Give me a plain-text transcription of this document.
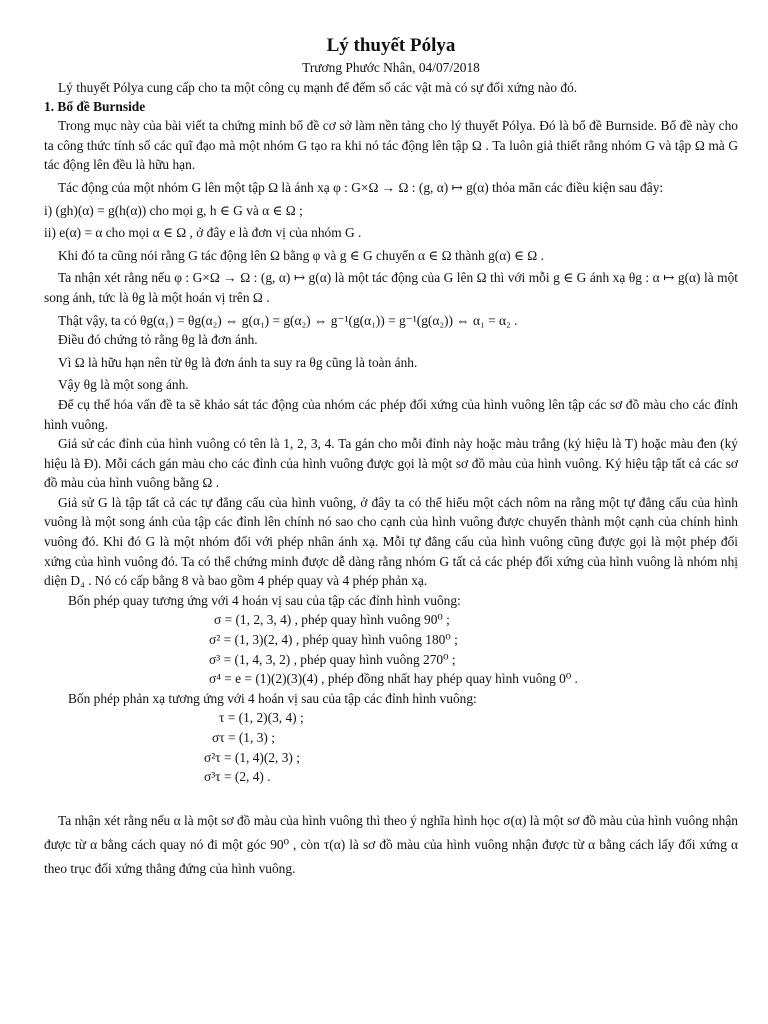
Lý thuyết Pólya

Trương Phước Nhân, 04/07/2018

Lý thuyết Pólya cung cấp cho ta một công cụ mạnh để đếm số các vật mà có sự đối xứng nào đó.

1. Bổ đề Burnside

Trong mục này của bài viết ta chứng minh bổ đề cơ sở làm nền tảng cho lý thuyết Pólya. Đó là bổ đề Burnside. Bổ đề này cho ta công thức tính số các quĩ đạo mà một nhóm G tạo ra khi nó tác động lên tập Ω . Ta luôn giả thiết rằng nhóm G và tập Ω mà G tác động lên đều là hữu hạn.

Tác động của một nhóm G lên một tập Ω là ánh xạ φ : G×Ω → Ω : (g, α) ↦ g(α) thỏa mãn các điều kiện sau đây:

i) (gh)(α) = g(h(α)) cho mọi g, h ∈ G và α ∈ Ω ;

ii) e(α) = α cho mọi α ∈ Ω , ở đây e là đơn vị của nhóm G .

Khi đó ta cũng nói rằng G tác động lên Ω bằng φ và g ∈ G chuyển α ∈ Ω thành g(α) ∈ Ω .

Ta nhận xét rằng nếu φ : G×Ω → Ω : (g, α) ↦ g(α) là một tác động của G lên Ω thì với mỗi g ∈ G ánh xạ θg : α ↦ g(α) là một song ánh, tức là θg là một hoán vị trên Ω .

Thật vậy, ta có θg(α₁) = θg(α₂) ⇔ g(α₁) = g(α₂) ⇔ g⁻¹(g(α₁)) = g⁻¹(g(α₂)) ⇔ α₁ = α₂ .

Điều đó chứng tỏ rằng θg là đơn ánh.

Vì Ω là hữu hạn nên từ θg là đơn ánh ta suy ra θg cũng là toàn ánh.

Vậy θg là một song ánh.

Để cụ thể hóa vấn đề ta sẽ khảo sát tác động của nhóm các phép đối xứng của hình vuông lên tập các sơ đồ màu cho các đỉnh hình vuông.

Giả sử các đỉnh của hình vuông có tên là 1, 2, 3, 4. Ta gán cho mỗi đỉnh này hoặc màu trắng (ký hiệu là T) hoặc màu đen (ký hiệu là Đ). Mỗi cách gán màu cho các đỉnh của hình vuông được gọi là một sơ đồ màu của hình vuông. Ký hiệu tập tất cả các sơ đồ màu của hình vuông bằng Ω .

Giả sử G là tập tất cả các tự đẳng cấu của hình vuông, ở đây ta có thể hiểu một cách nôm na rằng một tự đẳng cấu của hình vuông là một song ánh của tập các đỉnh lên chính nó sao cho cạnh của hình vuông được chuyển thành một cạnh của chính hình vuông đó. Khi đó G là một nhóm đối với phép nhân ánh xạ. Mỗi tự đẳng cấu của hình vuông cũng được gọi là một phép đối xứng của hình vuông đó. Ta có thể chứng minh được dễ dàng rằng nhóm G tất cả các phép đối xứng của hình vuông là nhóm nhị diện D₄ . Nó có cấp bằng 8 và bao gồm 4 phép quay và 4 phép phản xạ.

Bốn phép quay tương ứng với 4 hoán vị sau của tập các đỉnh hình vuông:

σ = (1, 2, 3, 4) , phép quay hình vuông 90⁰ ;

σ² = (1, 3)(2, 4) , phép quay hình vuông 180⁰ ;

σ³ = (1, 4, 3, 2) , phép quay hình vuông 270⁰ ;

σ⁴ = e = (1)(2)(3)(4) , phép đồng nhất hay phép quay hình vuông 0⁰ .

Bốn phép phản xạ tương ứng với 4 hoán vị sau của tập các đỉnh hình vuông:

τ = (1, 2)(3, 4) ;

στ = (1, 3) ;

σ²τ = (1, 4)(2, 3) ;

σ³τ = (2, 4) .

Ta nhận xét rằng nếu α là một sơ đồ màu của hình vuông thì theo ý nghĩa hình học σ(α) là một sơ đồ màu của hình vuông nhận được từ α bằng cách quay nó đi một góc 90⁰ , còn τ(α) là sơ đồ màu của hình vuông nhận được từ α bằng cách lấy đối xứng α theo trục đối xứng thẳng đứng của hình vuông.
